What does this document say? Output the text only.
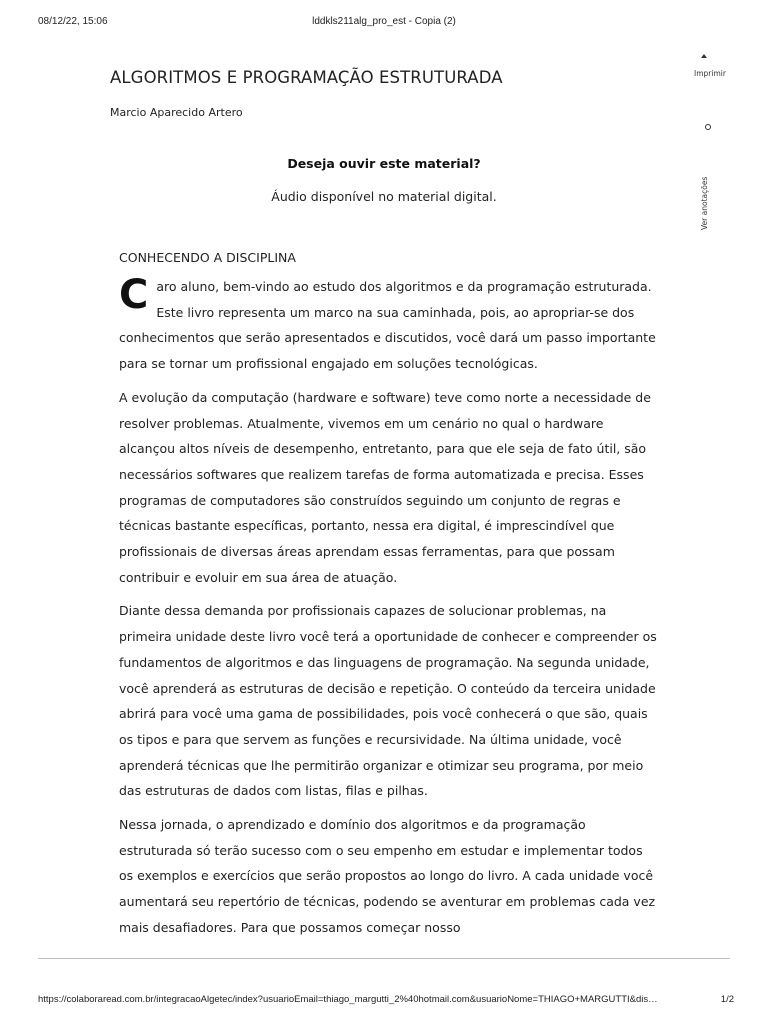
08/12/22, 15:06	lddkls211alg_pro_est - Copia (2)
ALGORITMOS E PROGRAMAÇÃO ESTRUTURADA
Marcio Aparecido Artero
Imprimir
Ver anotações

Deseja ouvir este material?

Áudio disponível no material digital.

CONHECENDO A DISCIPLINA

Caro aluno, bem-vindo ao estudo dos algoritmos e da programação estruturada. Este livro representa um marco na sua caminhada, pois, ao apropriar-se dos conhecimentos que serão apresentados e discutidos, você dará um passo importante para se tornar um profissional engajado em soluções tecnológicas.

A evolução da computação (hardware e software) teve como norte a necessidade de resolver problemas. Atualmente, vivemos em um cenário no qual o hardware alcançou altos níveis de desempenho, entretanto, para que ele seja de fato útil, são necessários softwares que realizem tarefas de forma automatizada e precisa. Esses programas de computadores são construídos seguindo um conjunto de regras e técnicas bastante específicas, portanto, nessa era digital, é imprescindível que profissionais de diversas áreas aprendam essas ferramentas, para que possam contribuir e evoluir em sua área de atuação.

Diante dessa demanda por profissionais capazes de solucionar problemas, na primeira unidade deste livro você terá a oportunidade de conhecer e compreender os fundamentos de algoritmos e das linguagens de programação. Na segunda unidade, você aprenderá as estruturas de decisão e repetição. O conteúdo da terceira unidade abrirá para você uma gama de possibilidades, pois você conhecerá o que são, quais os tipos e para que servem as funções e recursividade. Na última unidade, você aprenderá técnicas que lhe permitirão organizar e otimizar seu programa, por meio das estruturas de dados com listas, filas e pilhas.

Nessa jornada, o aprendizado e domínio dos algoritmos e da programação estruturada só terão sucesso com o seu empenho em estudar e implementar todos os exemplos e exercícios que serão propostos ao longo do livro. A cada unidade você aumentará seu repertório de técnicas, podendo se aventurar em problemas cada vez mais desafiadores. Para que possamos começar nosso

https://colaboraread.com.br/integracaoAlgetec/index?usuarioEmail=thiago_margutti_2%40hotmail.com&usuarioNome=THIAGO+MARGUTTI&dis…	1/2
